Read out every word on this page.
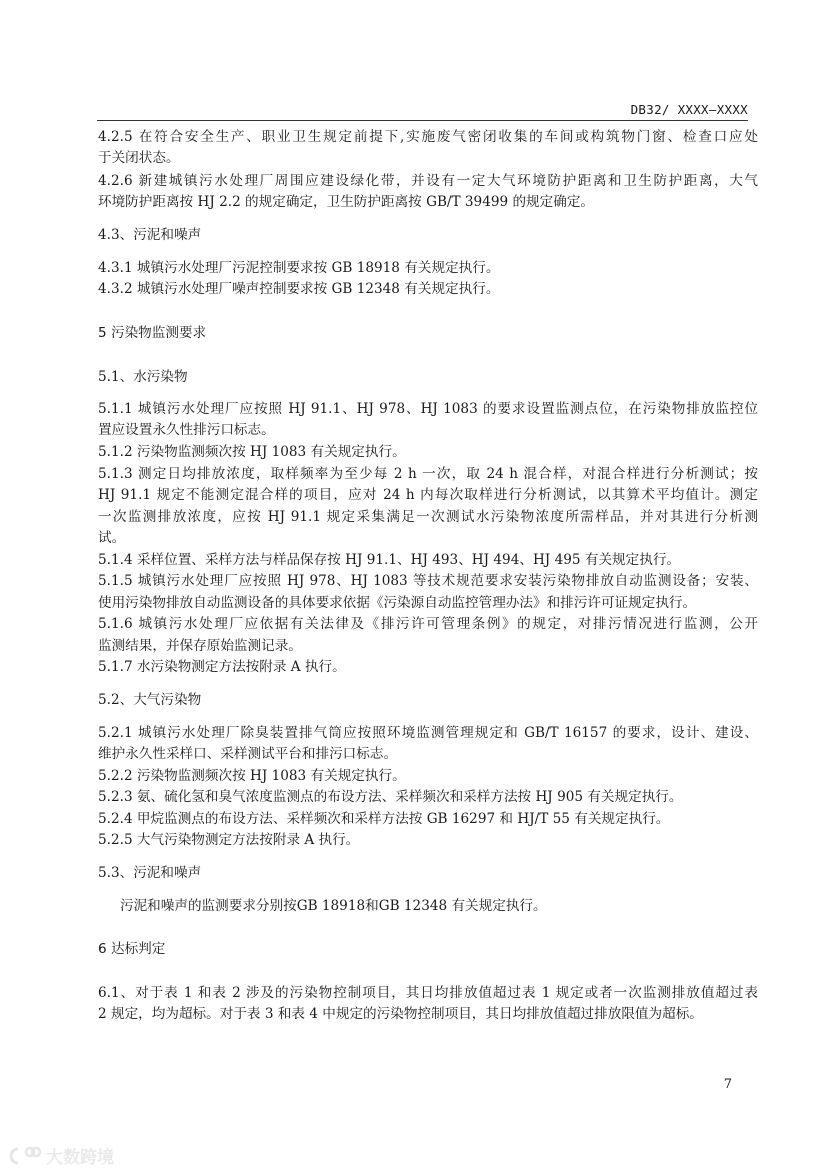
DB32/ XXXX—XXXX
4.2.5 在符合安全生产、职业卫生规定前提下,实施废气密闭收集的车间或构筑物门窗、检查口应处
于关闭状态。
4.2.6 新建城镇污水处理厂周围应建设绿化带，并设有一定大气环境防护距离和卫生防护距离，大气
环境防护距离按 HJ 2.2 的规定确定，卫生防护距离按 GB/T 39499 的规定确定。
4.3、污泥和噪声
4.3.1 城镇污水处理厂污泥控制要求按 GB 18918 有关规定执行。
4.3.2 城镇污水处理厂噪声控制要求按 GB 12348 有关规定执行。
5 污染物监测要求
5.1、水污染物
5.1.1 城镇污水处理厂应按照 HJ 91.1、HJ 978、HJ 1083 的要求设置监测点位，在污染物排放监控位
置应设置永久性排污口标志。
5.1.2 污染物监测频次按 HJ 1083 有关规定执行。
5.1.3 测定日均排放浓度，取样频率为至少每 2 h 一次，取 24 h 混合样，对混合样进行分析测试；按
HJ 91.1 规定不能测定混合样的项目，应对 24 h 内每次取样进行分析测试，以其算术平均值计。测定
一次监测排放浓度，应按 HJ 91.1 规定采集满足一次测试水污染物浓度所需样品，并对其进行分析测
试。
5.1.4 采样位置、采样方法与样品保存按 HJ 91.1、HJ 493、HJ 494、HJ 495 有关规定执行。
5.1.5 城镇污水处理厂应按照 HJ 978、HJ 1083 等技术规范要求安装污染物排放自动监测设备；安装、
使用污染物排放自动监测设备的具体要求依据《污染源自动监控管理办法》和排污许可证规定执行。
5.1.6 城镇污水处理厂应依据有关法律及《排污许可管理条例》的规定，对排污情况进行监测，公开
监测结果，并保存原始监测记录。
5.1.7 水污染物测定方法按附录 A 执行。
5.2、大气污染物
5.2.1 城镇污水处理厂除臭装置排气筒应按照环境监测管理规定和 GB/T 16157 的要求，设计、建设、
维护永久性采样口、采样测试平台和排污口标志。
5.2.2 污染物监测频次按 HJ 1083 有关规定执行。
5.2.3 氨、硫化氢和臭气浓度监测点的布设方法、采样频次和采样方法按 HJ 905 有关规定执行。
5.2.4 甲烷监测点的布设方法、采样频次和采样方法按 GB 16297 和 HJ/T 55 有关规定执行。
5.2.5 大气污染物测定方法按附录 A 执行。
5.3、污泥和噪声
污泥和噪声的监测要求分别按GB 18918和GB 12348 有关规定执行。
6 达标判定
6.1、对于表 1 和表 2 涉及的污染物控制项目，其日均排放值超过表 1 规定或者一次监测排放值超过表
2 规定，均为超标。对于表 3 和表 4 中规定的污染物控制项目，其日均排放值超过排放限值为超标。
7
大数跨境
